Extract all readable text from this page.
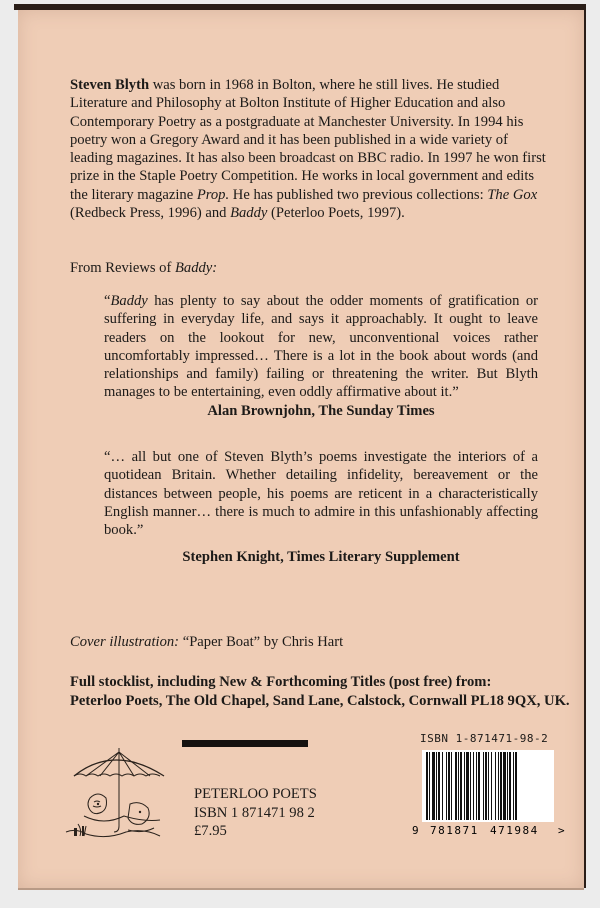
Steven Blyth was born in 1968 in Bolton, where he still lives. He studied Literature and Philosophy at Bolton Institute of Higher Education and also Contemporary Poetry as a postgraduate at Manchester University. In 1994 his poetry won a Gregory Award and it has been published in a wide variety of leading magazines. It has also been broadcast on BBC radio. In 1997 he won first prize in the Staple Poetry Competition. He works in local government and edits the literary magazine Prop. He has published two previous collections: The Gox (Redbeck Press, 1996) and Baddy (Peterloo Poets, 1997).
From Reviews of Baddy:
“Baddy has plenty to say about the odder moments of gratification or suffering in everyday life, and says it approachably. It ought to leave readers on the lookout for new, unconventional voices rather uncomfortably impressed… There is a lot in the book about words (and relationships and family) failing or threatening the writer. But Blyth manages to be entertaining, even oddly affirmative about it.”
Alan Brownjohn, The Sunday Times
“… all but one of Steven Blyth’s poems investigate the interiors of a quotidean Britain. Whether detailing infidelity, bereavement or the distances between people, his poems are reticent in a characteristically English manner… there is much to admire in this unfashionably affecting book.”
Stephen Knight, Times Literary Supplement
Cover illustration: “Paper Boat” by Chris Hart
Full stocklist, including New & Forthcoming Titles (post free) from:
Peterloo Poets, The Old Chapel, Sand Lane, Calstock, Cornwall PL18 9QX, UK.
PETERLOO POETS
ISBN 1 871471 98 2
£7.95
ISBN 1-871471-98-2
9 781871 471984 >
